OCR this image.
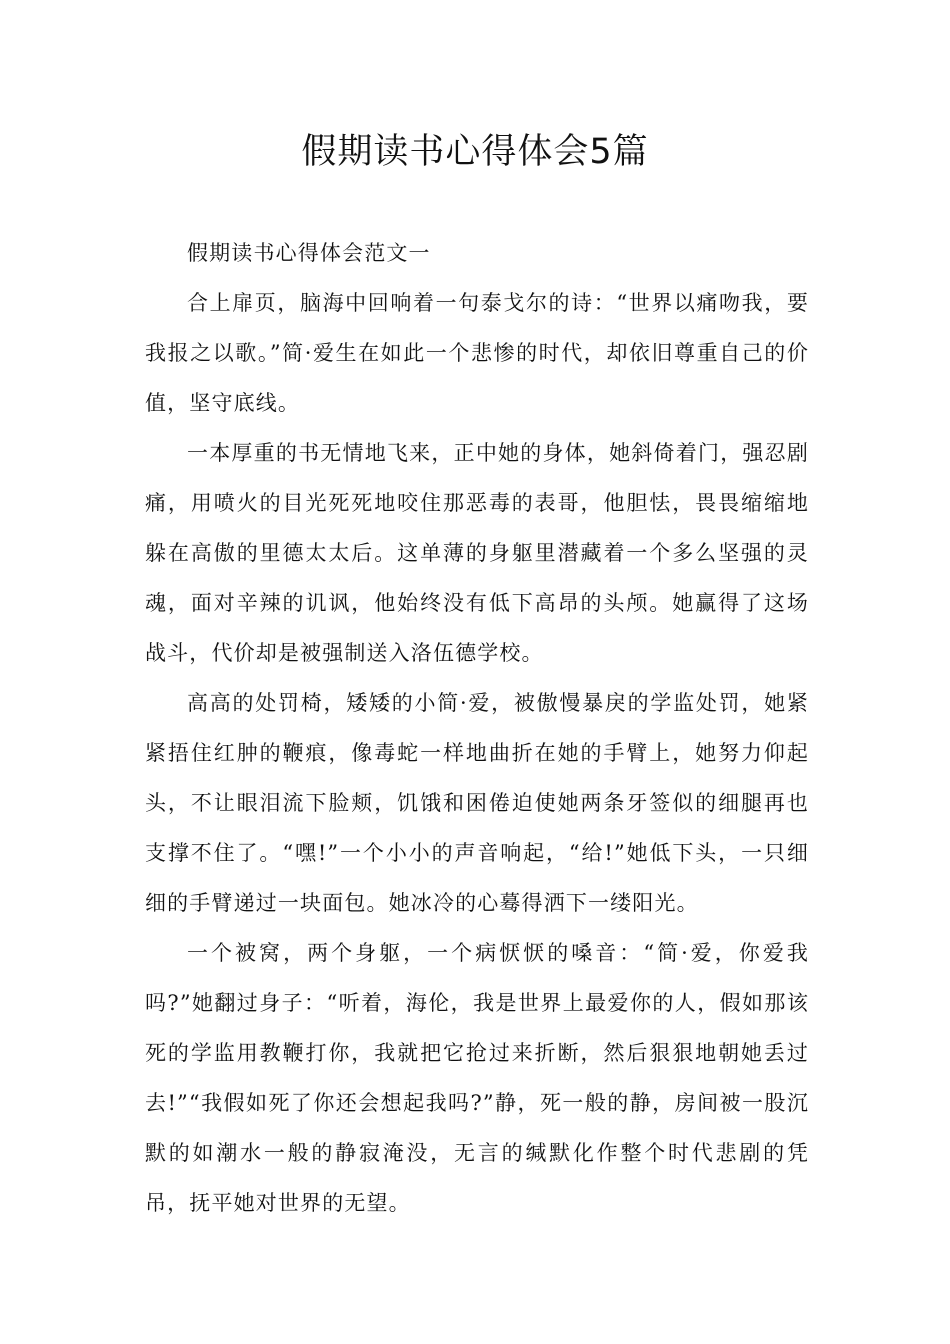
假期读书心得体会5篇

假期读书心得体会范文一

合上扉页，脑海中回响着一句泰戈尔的诗：“世界以痛吻我，要我报之以歌。”简·爱生在如此一个悲惨的时代，却依旧尊重自己的价值，坚守底线。

一本厚重的书无情地飞来，正中她的身体，她斜倚着门，强忍剧痛，用喷火的目光死死地咬住那恶毒的表哥，他胆怯，畏畏缩缩地躲在高傲的里德太太后。这单薄的身躯里潜藏着一个多么坚强的灵魂，面对辛辣的讥讽，他始终没有低下高昂的头颅。她赢得了这场战斗，代价却是被强制送入洛伍德学校。

高高的处罚椅，矮矮的小简·爱，被傲慢暴戾的学监处罚，她紧紧捂住红肿的鞭痕，像毒蛇一样地曲折在她的手臂上，她努力仰起头，不让眼泪流下脸颊，饥饿和困倦迫使她两条牙签似的细腿再也支撑不住了。“嘿!”一个小小的声音响起，“给!”她低下头，一只细细的手臂递过一块面包。她冰冷的心蓦得洒下一缕阳光。

一个被窝，两个身躯，一个病恹恹的嗓音：“简·爱，你爱我吗?”她翻过身子：“听着，海伦，我是世界上最爱你的人，假如那该死的学监用教鞭打你，我就把它抢过来折断，然后狠狠地朝她丢过去!”“我假如死了你还会想起我吗?”静，死一般的静，房间被一股沉默的如潮水一般的静寂淹没，无言的缄默化作整个时代悲剧的凭吊，抚平她对世界的无望。
